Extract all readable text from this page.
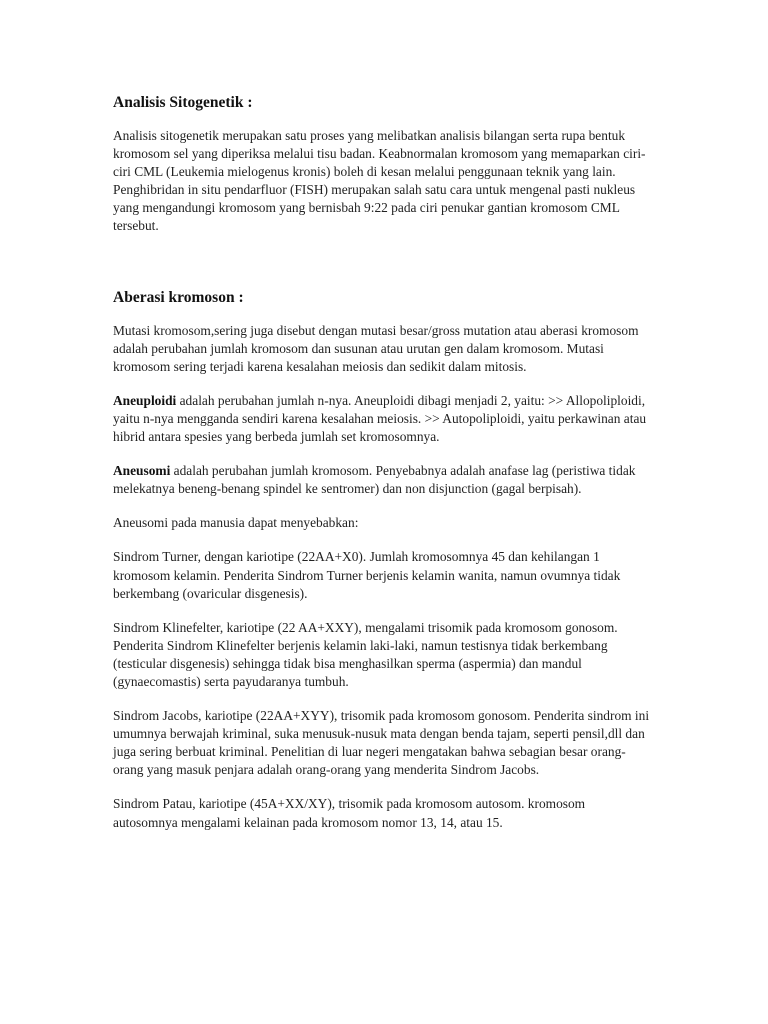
Analisis Sitogenetik :

Analisis sitogenetik merupakan satu proses yang melibatkan analisis bilangan serta rupa bentuk kromosom sel yang diperiksa melalui tisu badan. Keabnormalan kromosom yang memaparkan ciri-ciri CML (Leukemia mielogenus kronis) boleh di kesan melalui penggunaan teknik yang lain. Penghibridan in situ pendarfluor (FISH) merupakan salah satu cara untuk mengenal pasti nukleus yang mengandungi kromosom yang bernisbah 9:22 pada ciri penukar gantian kromosom CML tersebut.

Aberasi kromoson :

Mutasi kromosom,sering juga disebut dengan mutasi besar/gross mutation atau aberasi kromosom adalah perubahan jumlah kromosom dan susunan atau urutan gen dalam kromosom. Mutasi kromosom sering terjadi karena kesalahan meiosis dan sedikit dalam mitosis.

Aneuploidi adalah perubahan jumlah n-nya. Aneuploidi dibagi menjadi 2, yaitu: >> Allopoliploidi, yaitu n-nya mengganda sendiri karena kesalahan meiosis. >> Autopoliploidi, yaitu perkawinan atau hibrid antara spesies yang berbeda jumlah set kromosomnya.

Aneusomi adalah perubahan jumlah kromosom. Penyebabnya adalah anafase lag (peristiwa tidak melekatnya beneng-benang spindel ke sentromer) dan non disjunction (gagal berpisah).

Aneusomi pada manusia dapat menyebabkan:

Sindrom Turner, dengan kariotipe (22AA+X0). Jumlah kromosomnya 45 dan kehilangan 1 kromosom kelamin. Penderita Sindrom Turner berjenis kelamin wanita, namun ovumnya tidak berkembang (ovaricular disgenesis).

Sindrom Klinefelter, kariotipe (22 AA+XXY), mengalami trisomik pada kromosom gonosom. Penderita Sindrom Klinefelter berjenis kelamin laki-laki, namun testisnya tidak berkembang (testicular disgenesis) sehingga tidak bisa menghasilkan sperma (aspermia) dan mandul (gynaecomastis) serta payudaranya tumbuh.

Sindrom Jacobs, kariotipe (22AA+XYY), trisomik pada kromosom gonosom. Penderita sindrom ini umumnya berwajah kriminal, suka menusuk-nusuk mata dengan benda tajam, seperti pensil,dll dan juga sering berbuat kriminal. Penelitian di luar negeri mengatakan bahwa sebagian besar orang-orang yang masuk penjara adalah orang-orang yang menderita Sindrom Jacobs.

Sindrom Patau, kariotipe (45A+XX/XY), trisomik pada kromosom autosom. kromosom autosomnya mengalami kelainan pada kromosom nomor 13, 14, atau 15.
